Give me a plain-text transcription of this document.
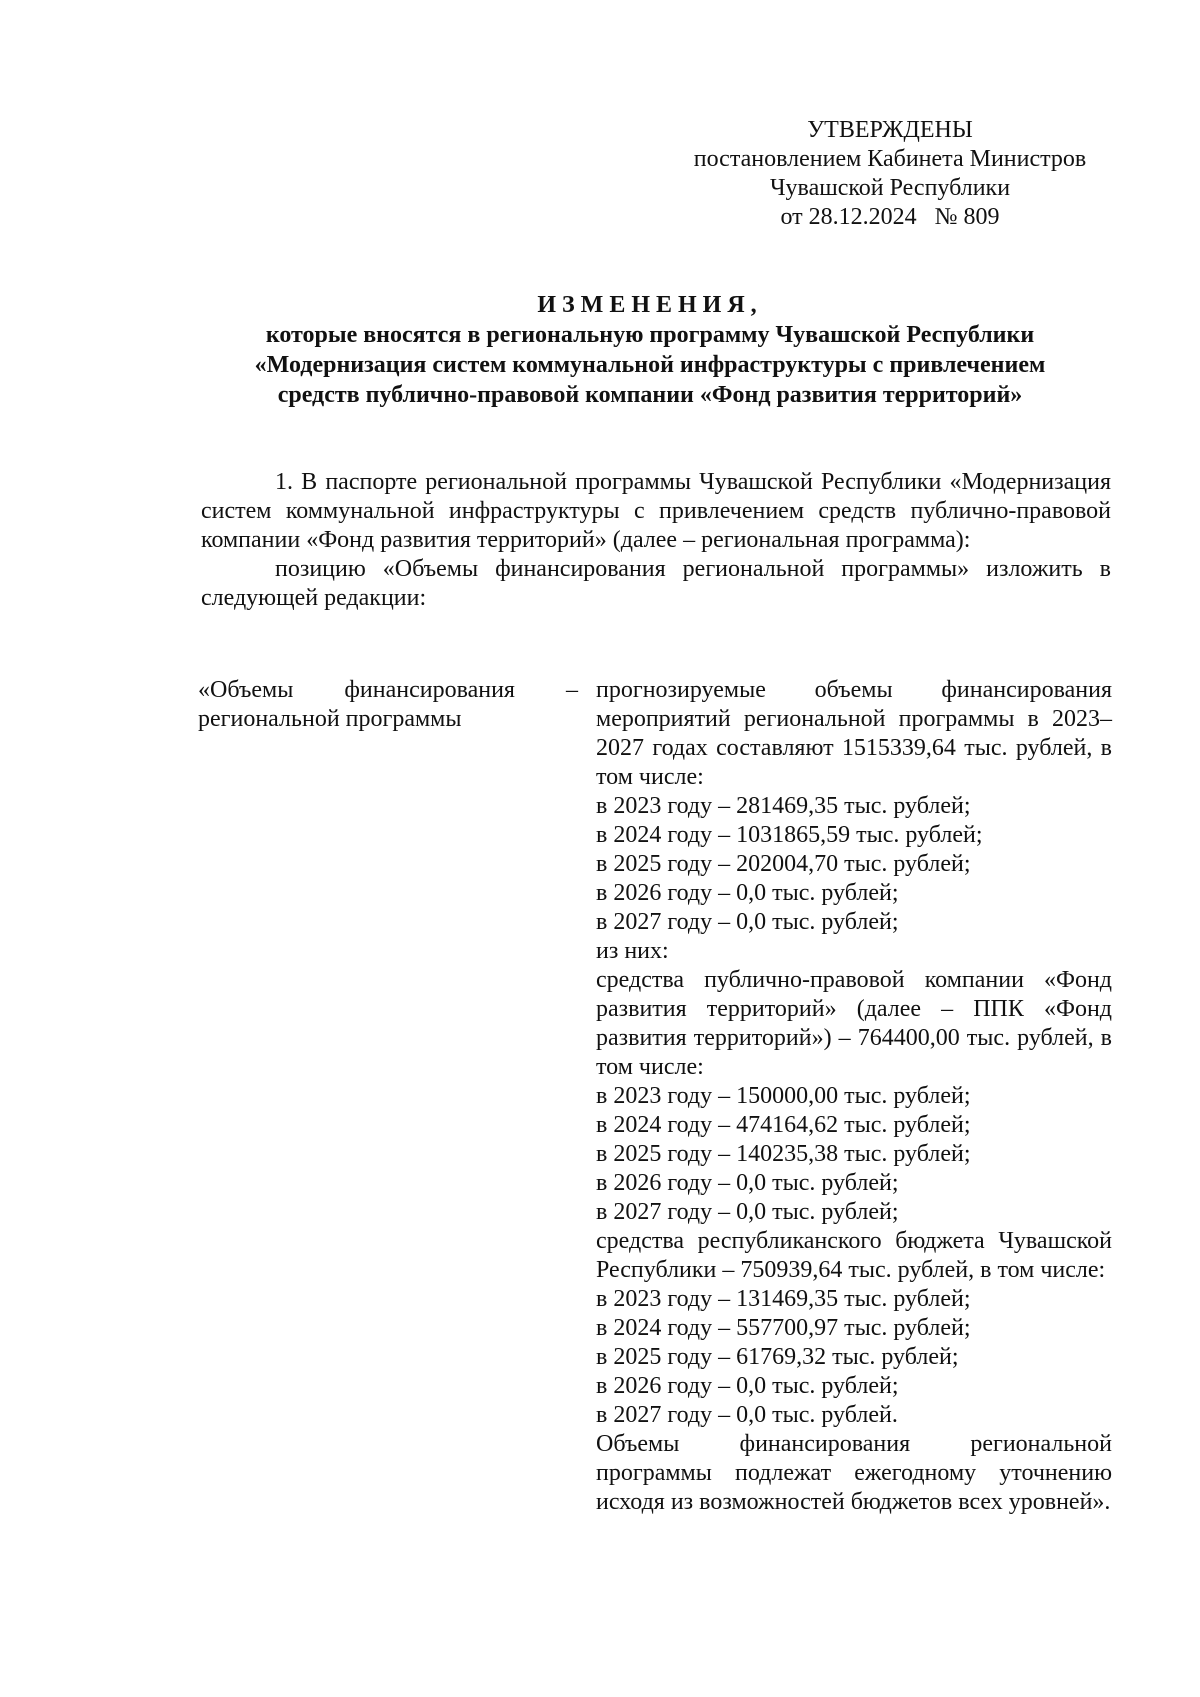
УТВЕРЖДЕНЫ
постановлением Кабинета Министров
Чувашской Республики
от 28.12.2024   № 809
ИЗМЕНЕНИЯ,
которые вносятся в региональную программу Чувашской Республики
«Модернизация систем коммунальной инфраструктуры с привлечением
средств публично-правовой компании «Фонд развития территорий»

1. В паспорте региональной программы Чувашской Республики «Модернизация систем коммунальной инфраструктуры с привлечением средств публично-правовой компании «Фонд развития территорий» (далее – региональная программа):

позицию «Объемы финансирования региональной программы» изложить в следующей редакции:

«Объемы финансирования –
региональной программы

прогнозируемые объемы финансирования мероприятий региональной программы в 2023–2027 годах составляют 1515339,64 тыс. рублей, в том числе:

в 2023 году – 281469,35 тыс. рублей;

в 2024 году – 1031865,59 тыс. рублей;

в 2025 году – 202004,70 тыс. рублей;

в 2026 году – 0,0 тыс. рублей;

в 2027 году – 0,0 тыс. рублей;

из них:

средства публично-правовой компании «Фонд развития территорий» (далее – ППК «Фонд развития территорий») – 764400,00 тыс. рублей, в том числе:

в 2023 году – 150000,00 тыс. рублей;

в 2024 году – 474164,62 тыс. рублей;

в 2025 году – 140235,38 тыс. рублей;

в 2026 году – 0,0 тыс. рублей;

в 2027 году – 0,0 тыс. рублей;

средства республиканского бюджета Чувашской Республики – 750939,64 тыс. рублей, в том числе:

в 2023 году – 131469,35 тыс. рублей;

в 2024 году – 557700,97 тыс. рублей;

в 2025 году – 61769,32 тыс. рублей;

в 2026 году – 0,0 тыс. рублей;

в 2027 году – 0,0 тыс. рублей.

Объемы финансирования региональной программы подлежат ежегодному уточнению исходя из возможностей бюджетов всех уровней».
